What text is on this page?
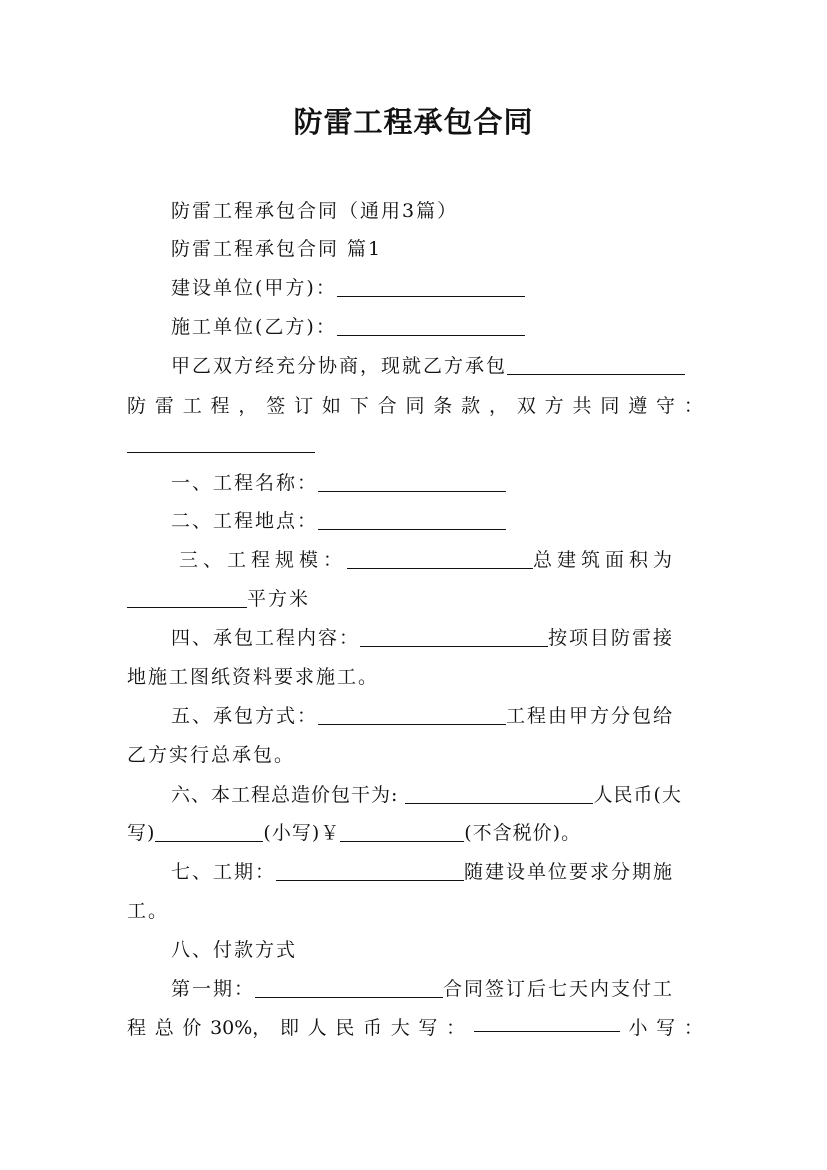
防雷工程承包合同
防雷工程承包合同（通用3篇）
防雷工程承包合同 篇1
建设单位(甲方)：
施工单位(乙方)：
甲乙双方经充分协商，现就乙方承包
防 雷 工 程 ， 签 订 如 下 合 同 条 款 ， 双 方 共 同 遵 守 ：
一、工程名称：
二、工程地点：
三、工程规模：	总建筑面积为
平方米
四、承包工程内容：	按项目防雷接
地施工图纸资料要求施工。
五、承包方式：	工程由甲方分包给
乙方实行总承包。
六、本工程总造价包干为:	人民币(大
写)	(小写)￥	(不含税价)。
七、工期：	随建设单位要求分期施
工。
八、付款方式
第一期：	合同签订后七天内支付工
程 总 价 30%， 即 人 民 币 大 写 ：	小 写 ：
